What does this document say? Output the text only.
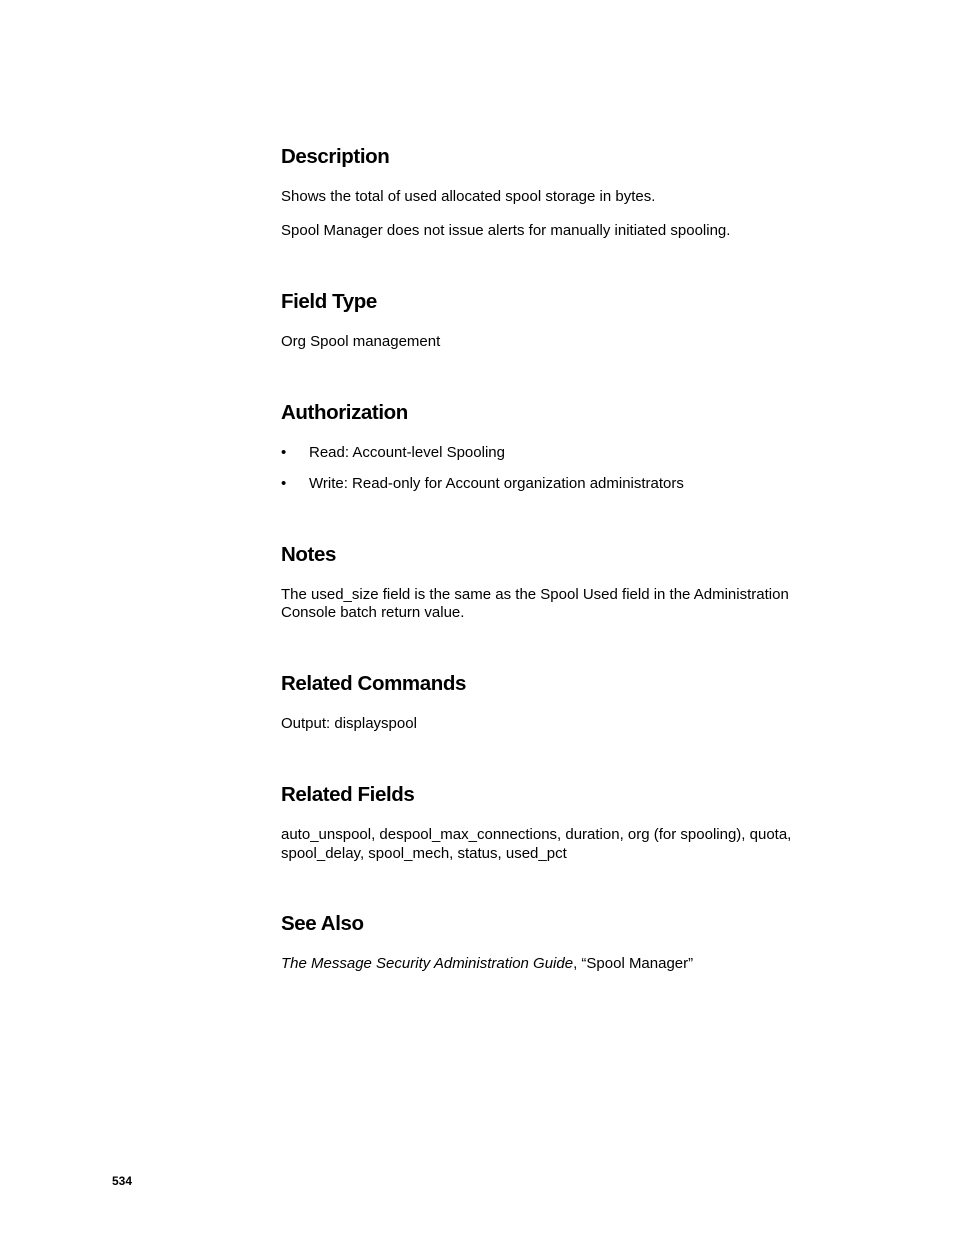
Description

Shows the total of used allocated spool storage in bytes.

Spool Manager does not issue alerts for manually initiated spooling.

Field Type

Org Spool management

Authorization
• Read: Account-level Spooling
• Write: Read-only for Account organization administrators
Notes

The used_size field is the same as the Spool Used field in the Administration

Console batch return value.

Related Commands

Output: displayspool

Related Fields

auto_unspool, despool_max_connections, duration, org (for spooling), quota,

spool_delay, spool_mech, status, used_pct

See Also

The Message Security Administration Guide, “Spool Manager”

534
